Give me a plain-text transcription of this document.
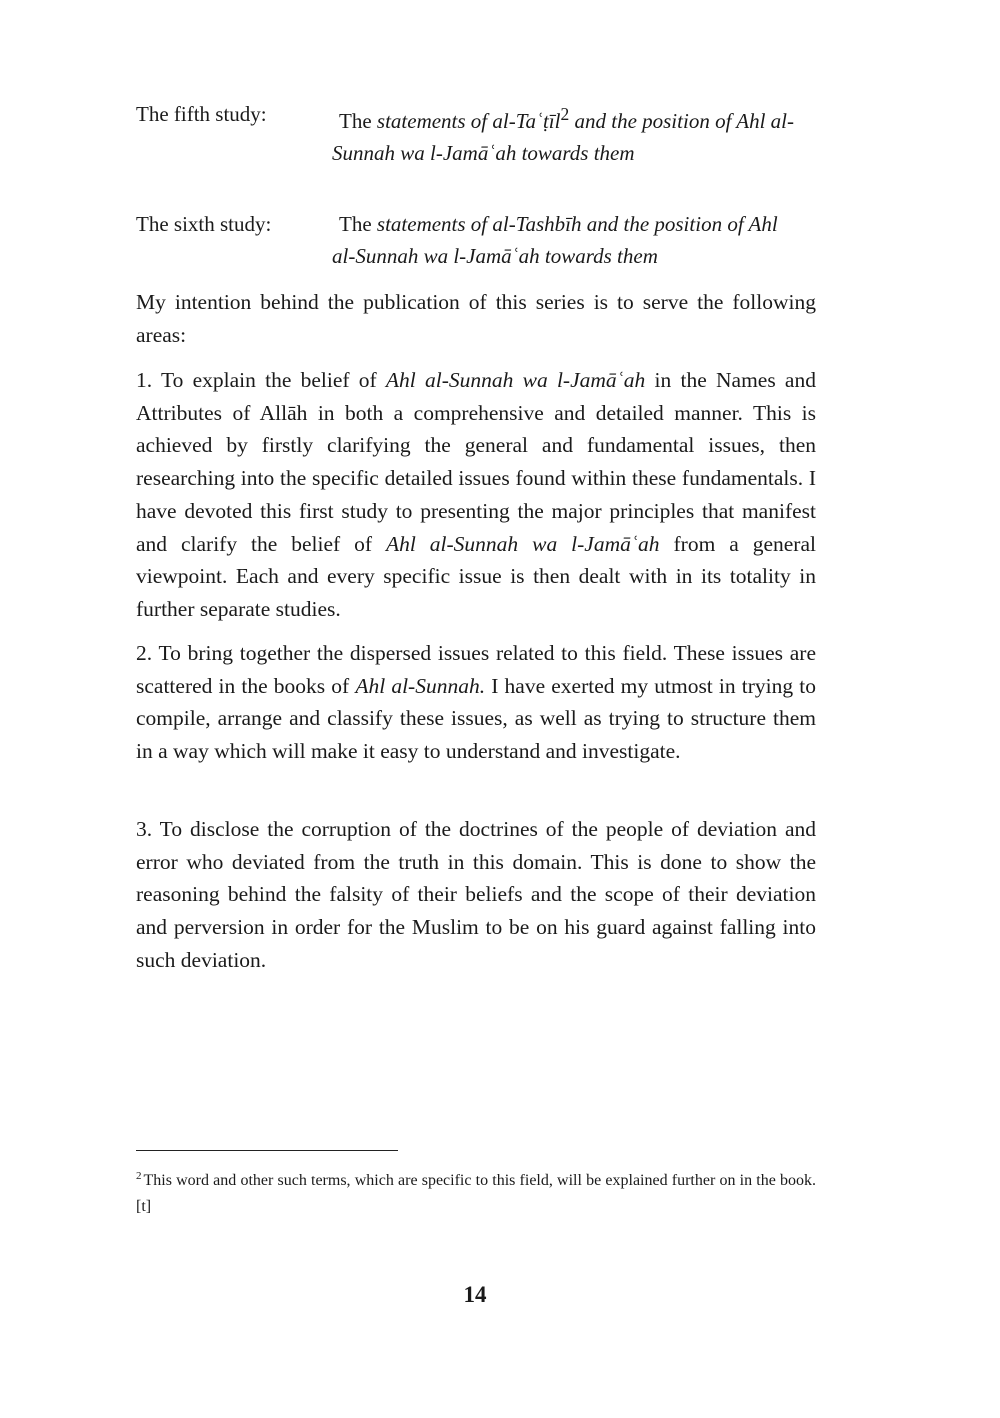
The fifth study:	The statements of al-Taʿṭīl$^2$ and the position of Ahl al-Sunnah wa l-Jamāʿah towards them
The sixth study:	The statements of al-Tashbīh and the position of Ahl al-Sunnah wa l-Jamāʿah towards them

My intention behind the publication of this series is to serve the following areas:

1. To explain the belief of Ahl al-Sunnah wa l-Jamāʿah in the Names and Attributes of Allāh in both a comprehensive and detailed manner. This is achieved by firstly clarifying the general and fundamental issues, then researching into the specific detailed issues found within these fundamentals. I have devoted this first study to presenting the major principles that manifest and clarify the belief of Ahl al-Sunnah wa l-Jamāʿah from a general viewpoint. Each and every specific issue is then dealt with in its totality in further separate studies.

2. To bring together the dispersed issues related to this field. These issues are scattered in the books of Ahl al-Sunnah. I have exerted my utmost in trying to compile, arrange and classify these issues, as well as trying to structure them in a way which will make it easy to understand and investigate.

3. To disclose the corruption of the doctrines of the people of deviation and error who deviated from the truth in this domain. This is done to show the reasoning behind the falsity of their beliefs and the scope of their deviation and perversion in order for the Muslim to be on his guard against falling into such deviation.

$^2$ This word and other such terms, which are specific to this field, will be explained further on in the book. [t]

14
